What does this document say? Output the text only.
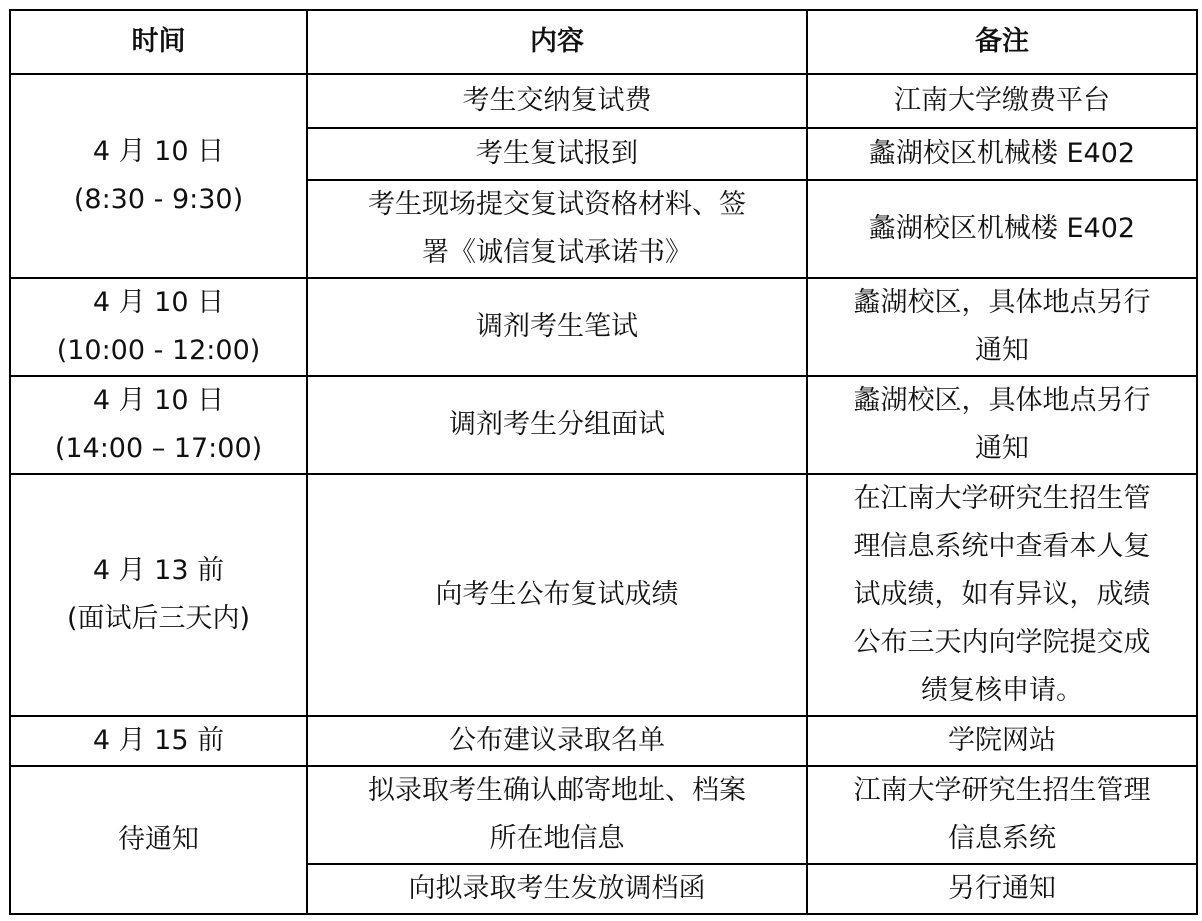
时间	内容	备注

4 月 10 日
(8:30 - 9:30)	考生交纳复试费	江南大学缴费平台

	考生复试报到	蠡湖校区机械楼 E402

	考生现场提交复试资格材料、签
署《诚信复试承诺书》	蠡湖校区机械楼 E402

4 月 10 日
(10:00 - 12:00)	调剂考生笔试	蠡湖校区，具体地点另行
通知

4 月 10 日
(14:00 – 17:00)	调剂考生分组面试	蠡湖校区，具体地点另行
通知

4 月 13 前
(面试后三天内)	向考生公布复试成绩	在江南大学研究生招生管
理信息系统中查看本人复
试成绩，如有异议，成绩
公布三天内向学院提交成
绩复核申请。

4 月 15 前	公布建议录取名单	学院网站

待通知	拟录取考生确认邮寄地址、档案
所在地信息	江南大学研究生招生管理
信息系统

	向拟录取考生发放调档函	另行通知
